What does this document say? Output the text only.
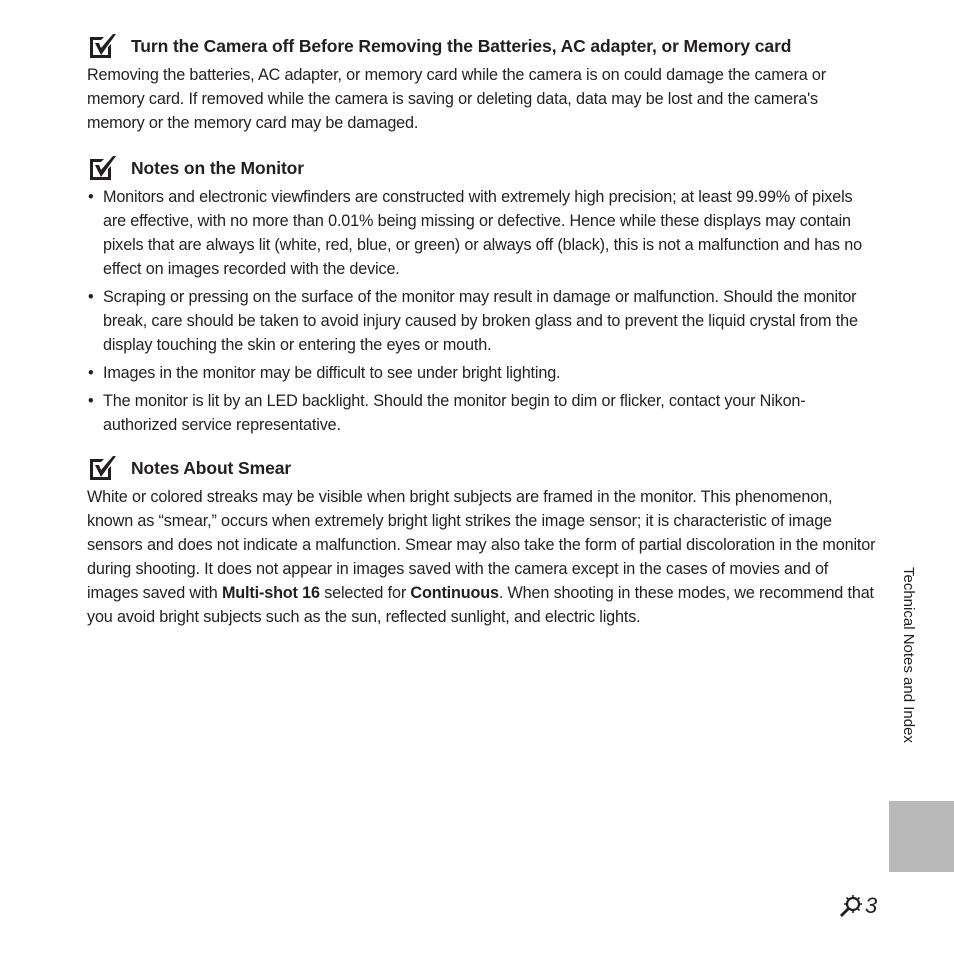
Turn the Camera off Before Removing the Batteries, AC adapter, or Memory card

Removing the batteries, AC adapter, or memory card while the camera is on could damage the camera or memory card. If removed while the camera is saving or deleting data, data may be lost and the camera's memory or the memory card may be damaged.

Notes on the Monitor
• Monitors and electronic viewfinders are constructed with extremely high precision; at least 99.99% of pixels are effective, with no more than 0.01% being missing or defective. Hence while these displays may contain pixels that are always lit (white, red, blue, or green) or always off (black), this is not a malfunction and has no effect on images recorded with the device.
• Scraping or pressing on the surface of the monitor may result in damage or malfunction. Should the monitor break, care should be taken to avoid injury caused by broken glass and to prevent the liquid crystal from the display touching the skin or entering the eyes or mouth.
• Images in the monitor may be difficult to see under bright lighting.
• The monitor is lit by an LED backlight. Should the monitor begin to dim or flicker, contact your Nikon-authorized service representative.
Notes About Smear

White or colored streaks may be visible when bright subjects are framed in the monitor. This phenomenon, known as “smear,” occurs when extremely bright light strikes the image sensor; it is characteristic of image sensors and does not indicate a malfunction. Smear may also take the form of partial discoloration in the monitor during shooting. It does not appear in images saved with the camera except in the cases of movies and of images saved with Multi-shot 16 selected for Continuous. When shooting in these modes, we recommend that you avoid bright subjects such as the sun, reflected sunlight, and electric lights.	Technical Notes and Index
3
